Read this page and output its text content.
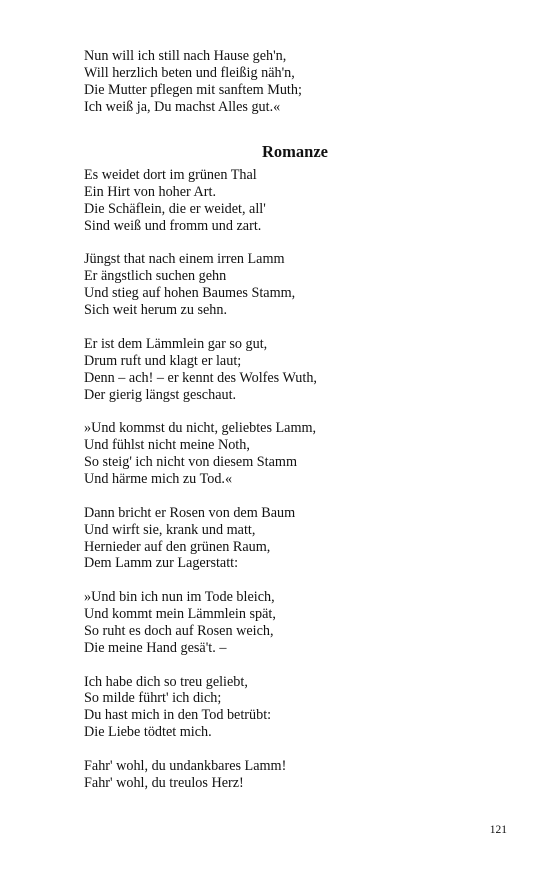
Nun will ich still nach Hause geh'n,
Will herzlich beten und fleißig näh'n,
Die Mutter pflegen mit sanftem Muth;
Ich weiß ja, Du machst Alles gut.«
Romanze
Es weidet dort im grünen Thal
Ein Hirt von hoher Art.
Die Schäflein, die er weidet, all'
Sind weiß und fromm und zart.
Jüngst that nach einem irren Lamm
Er ängstlich suchen gehn
Und stieg auf hohen Baumes Stamm,
Sich weit herum zu sehn.
Er ist dem Lämmlein gar so gut,
Drum ruft und klagt er laut;
Denn – ach! – er kennt des Wolfes Wuth,
Der gierig längst geschaut.
»Und kommst du nicht, geliebtes Lamm,
Und fühlst nicht meine Noth,
So steig' ich nicht von diesem Stamm
Und härme mich zu Tod.«
Dann bricht er Rosen von dem Baum
Und wirft sie, krank und matt,
Hernieder auf den grünen Raum,
Dem Lamm zur Lagerstatt:
»Und bin ich nun im Tode bleich,
Und kommt mein Lämmlein spät,
So ruht es doch auf Rosen weich,
Die meine Hand gesä't. –
Ich habe dich so treu geliebt,
So milde führt' ich dich;
Du hast mich in den Tod betrübt:
Die Liebe tödtet mich.
Fahr' wohl, du undankbares Lamm!
Fahr' wohl, du treulos Herz!
121
